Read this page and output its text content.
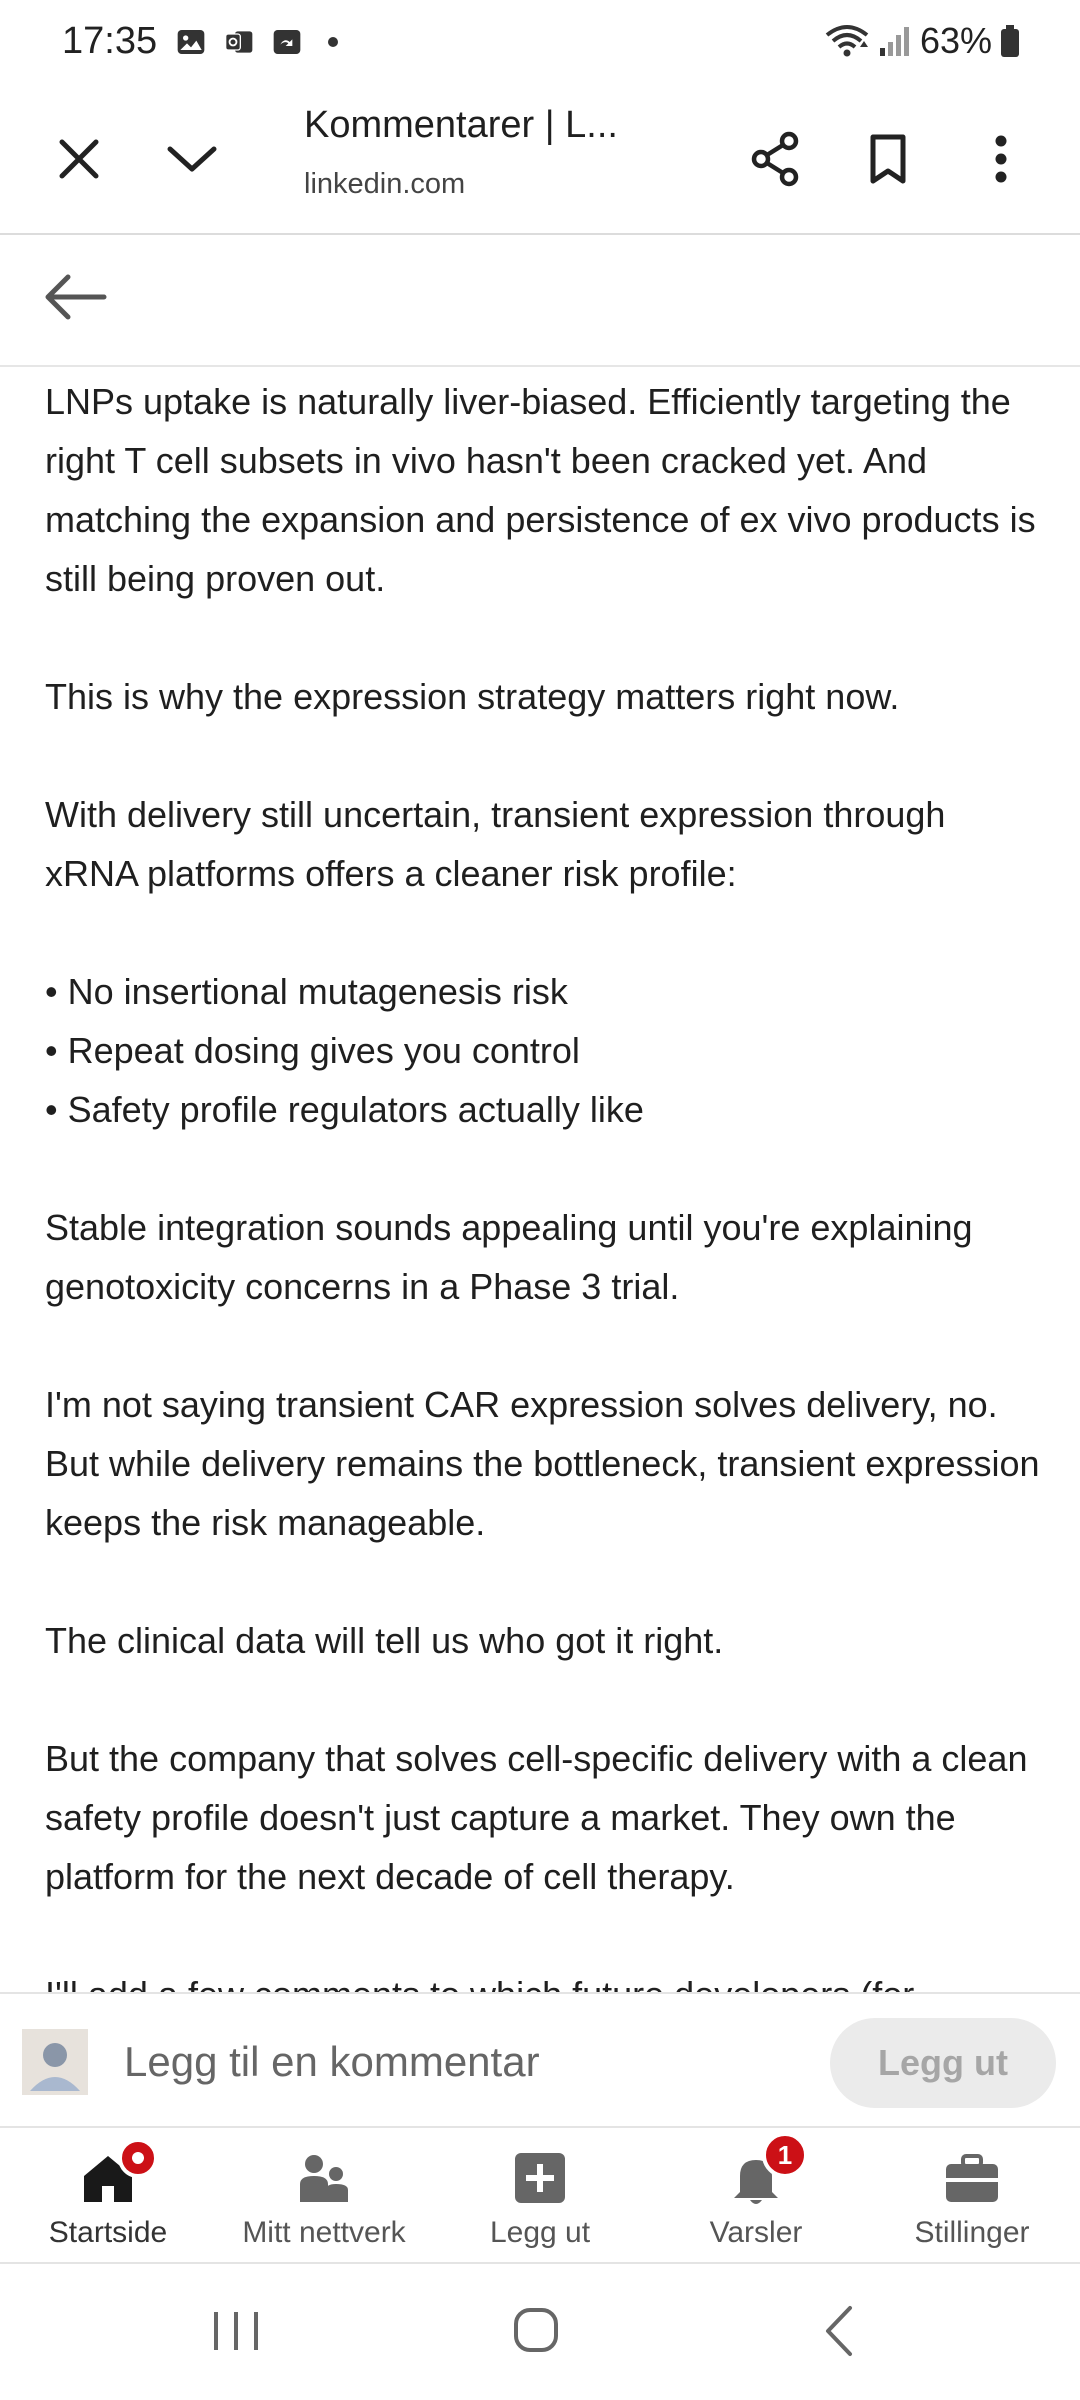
17:35	63%
Kommentarer | L...
linkedin.com

LNPs uptake is naturally liver-biased. Efficiently targeting the right T cell subsets in vivo hasn't been cracked yet. And matching the expansion and persistence of ex vivo products is still being proven out.

This is why the expression strategy matters right now.

With delivery still uncertain, transient expression through xRNA platforms offers a cleaner risk profile:

• No insertional mutagenesis risk
• Repeat dosing gives you control
• Safety profile regulators actually like

Stable integration sounds appealing until you're explaining genotoxicity concerns in a Phase 3 trial.

I'm not saying transient CAR expression solves delivery, no. But while delivery remains the bottleneck, transient expression keeps the risk manageable.

The clinical data will tell us who got it right.

But the company that solves cell-specific delivery with a clean safety profile doesn't just capture a market. They own the platform for the next decade of cell therapy.

Legg til en kommentar
Legg ut
Startside	Mitt nettverk	Legg ut
1
Varsler	Stillinger
